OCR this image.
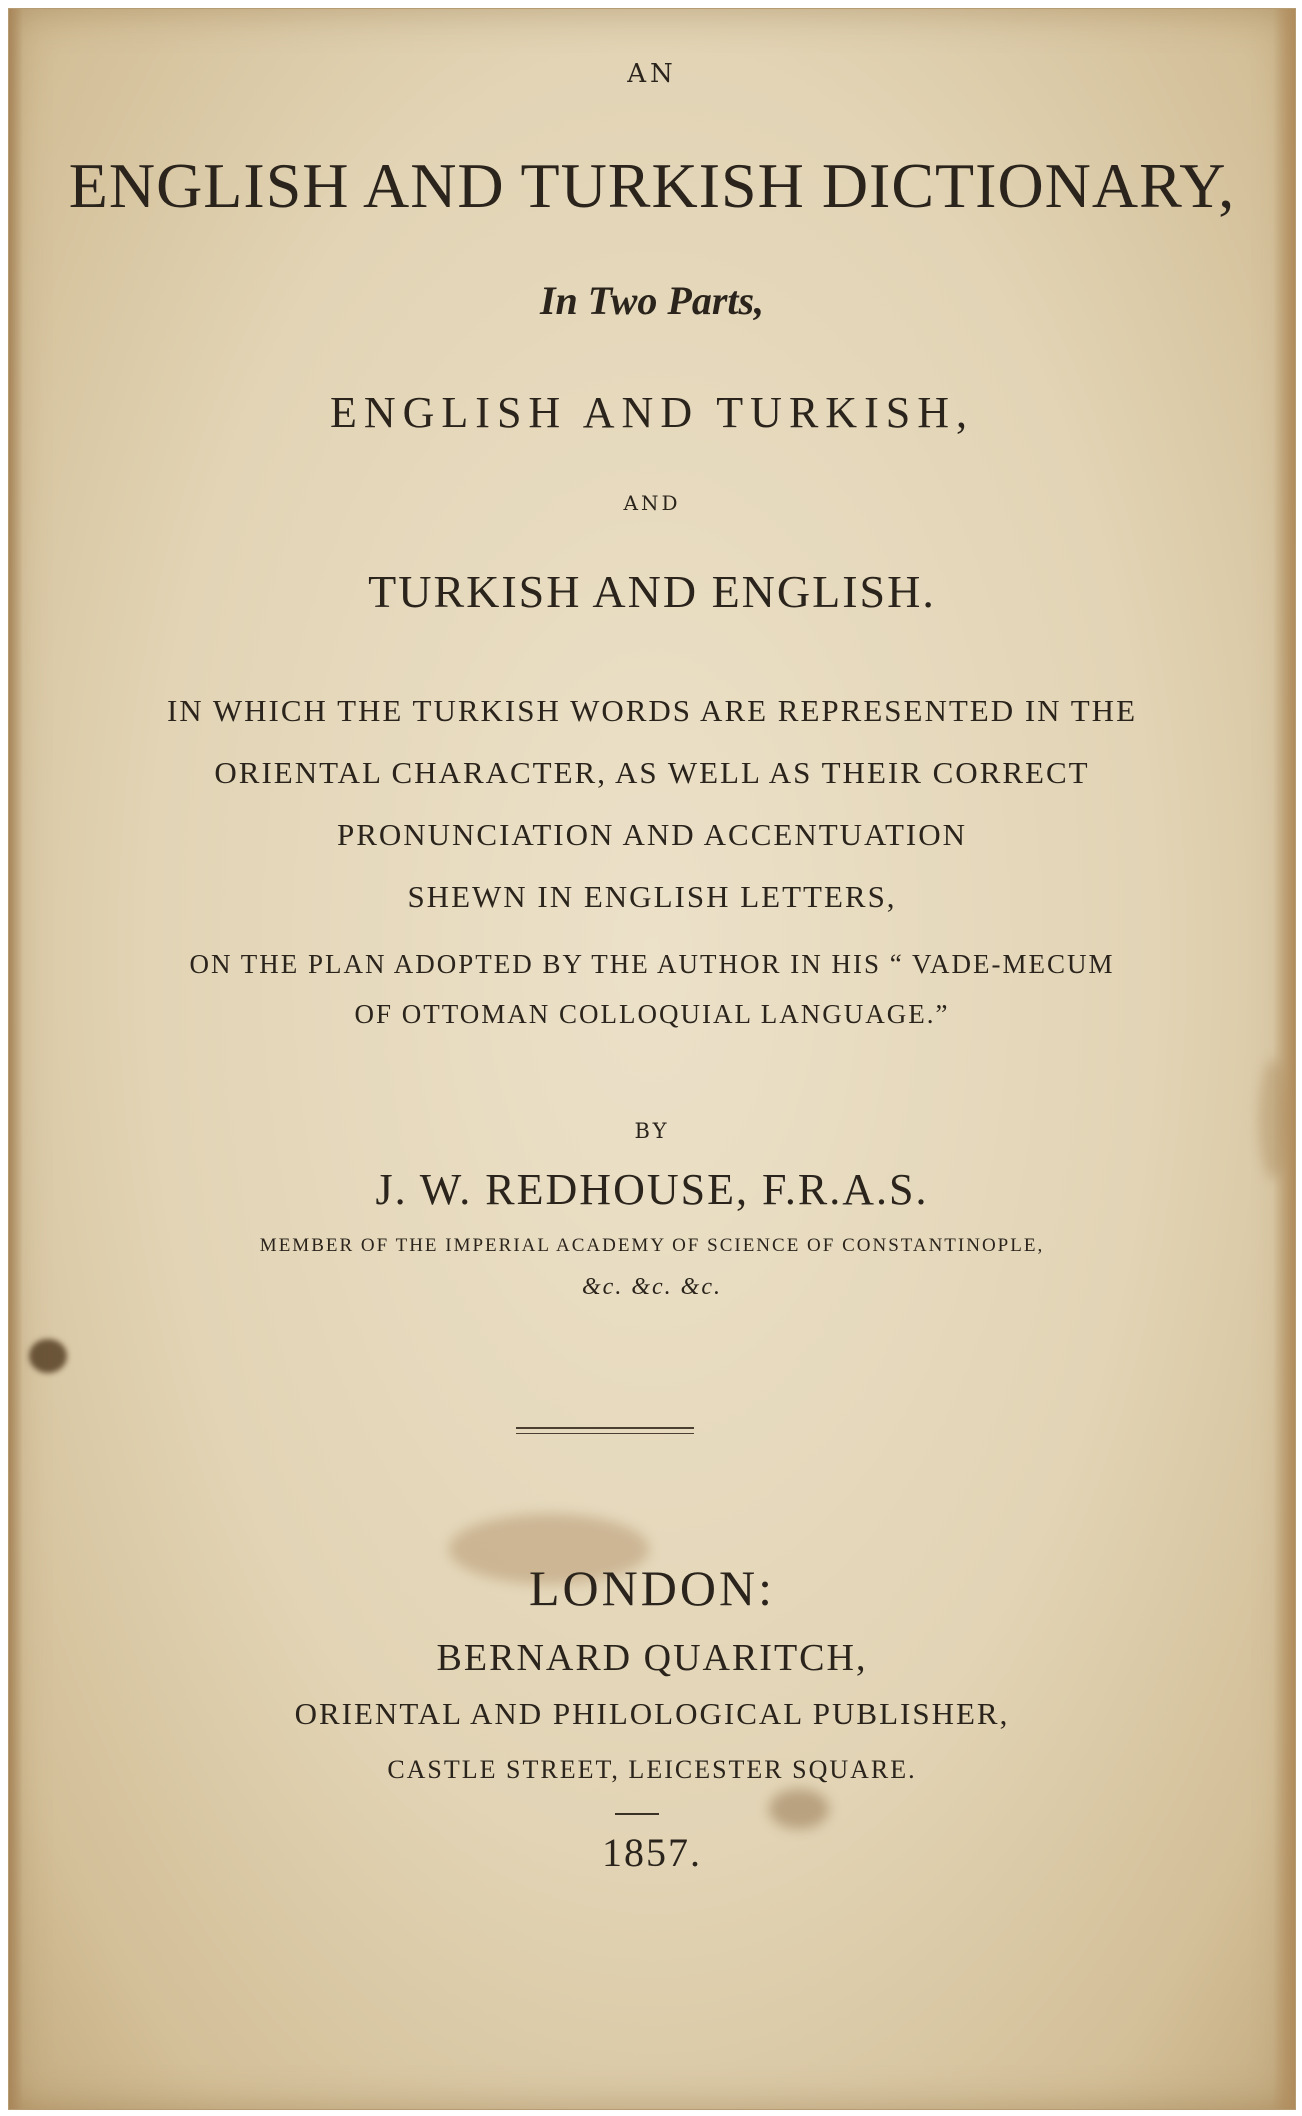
AN
ENGLISH AND TURKISH DICTIONARY,
In Two Parts,
ENGLISH AND TURKISH,
AND
TURKISH AND ENGLISH.
IN WHICH THE TURKISH WORDS ARE REPRESENTED IN THE
ORIENTAL CHARACTER, AS WELL AS THEIR CORRECT
PRONUNCIATION AND ACCENTUATION
SHEWN IN ENGLISH LETTERS,
ON THE PLAN ADOPTED BY THE AUTHOR IN HIS “ VADE-MECUM
OF OTTOMAN COLLOQUIAL LANGUAGE.”
BY
J. W. REDHOUSE, F.R.A.S.
MEMBER OF THE IMPERIAL ACADEMY OF SCIENCE OF CONSTANTINOPLE,
&c. &c. &c.
LONDON:
BERNARD QUARITCH,
ORIENTAL AND PHILOLOGICAL PUBLISHER,
CASTLE STREET, LEICESTER SQUARE.
1857.
